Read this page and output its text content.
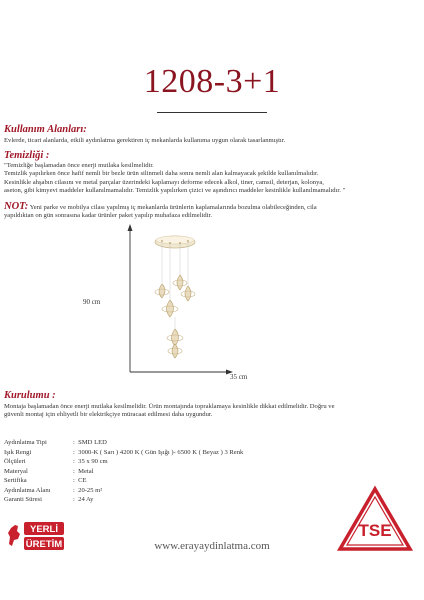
1208-3+1
Kullanım Alanları:
Evlerde, ticari alanlarda, etkili aydınlatma gerektiren iç mekanlarda kullanıma uygun olarak tasarlanmıştır.
Temizliği :
"Temizliğe başlamadan önce enerji mutlaka kesilmelidir.
Temizlik yapılırken önce hafif nemli bir bezle ürün silinmeli daha sonra nemli alan kalmayacak şekilde kullanılmalıdır.
Kesinlikle ahşabın cilasını ve metal parçalar üzerindeki kaplamayı deforme edecek alkol, tiner, camsil, deterjan, kolonya,
aseton, gibi kimyevi maddeler kullanılmamalıdır. Temizlik yapılırken çizici ve aşındırıcı maddeler kesinlikle kullanılmamalıdır. "
NOT: Yeni parke ve mobilya cilası yapılmış iç mekanlarda ürünlerin kaplamalarında bozulma olabileceğinden, cila
yapıldıktan on gün sonrasına kadar ürünler paket yapılıp muhafaza edilmelidir.
90 cm
35 cm
Kurulumu :
Montaja başlamadan önce enerji mutlaka kesilmelidir. Ürün montajında topraklamaya kesinlikle dikkat edilmelidir. Doğru ve
güvenli montaj için ehliyetli bir elektrikçiye müracaat edilmesi daha uygundur.
Aydınlatma Tipi	:
SMD LED
Işık Rengi	:
3000-K ( Sarı ) 4200 K ( Gün Işığı )- 6500 K ( Beyaz ) 3 Renk
Ölçüleri	:
35 x 90 cm
Materyal	:
Metal
Sertifika	:
CE
Aydınlatma Alanı	:
20-25 m²
Garanti Süresi	:
24 Ay
YERLİ
ÜRETİM	www.erayaydinlatma.com
TSE
